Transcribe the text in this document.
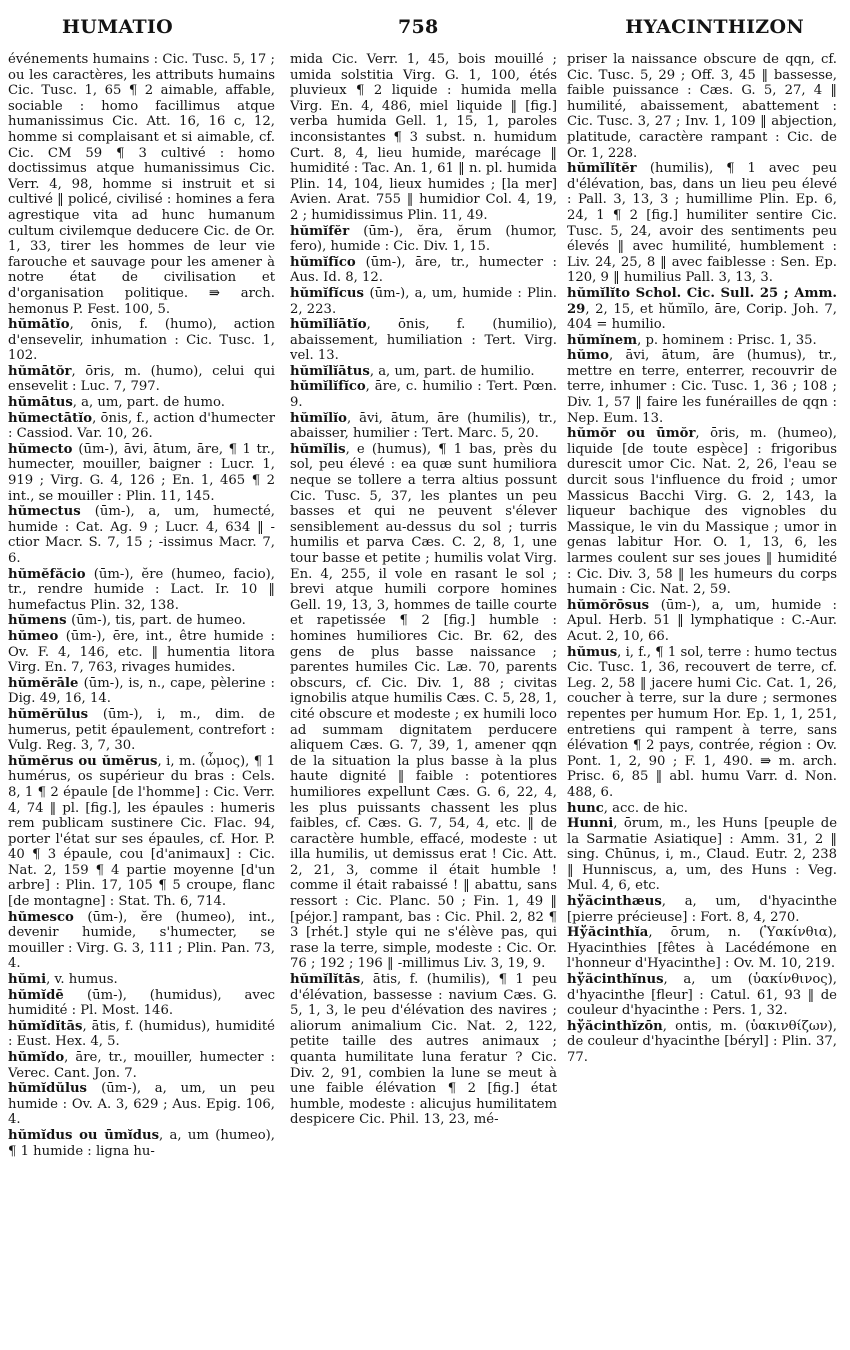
HUMATIO	758	HYACINTHIZON

événements humains : Cic. Tusc. 5, 17 ; ou les caractères, les attributs humains Cic. Tusc. 1, 65 ¶ 2 aimable, affable, sociable : homo facillimus atque humanissimus Cic. Att. 16, 16 c, 12, homme si complaisant et si aimable, cf. Cic. CM 59 ¶ 3 cultivé : homo doctissimus atque humanissimus Cic. Verr. 4, 98, homme si instruit et si cultivé ‖ policé, civilisé : homines a fera agrestique vita ad hunc humanum cultum civilemque deducere Cic. de Or. 1, 33, tirer les hommes de leur vie farouche et sauvage pour les amener à notre état de civilisation et d'organisation politique. ⇛ arch. hemonus P. Fest. 100, 5.

hŭmātĭo, ōnis, f. (humo), action d'ensevelir, inhumation : Cic. Tusc. 1, 102.

hŭmātŏr, ōris, m. (humo), celui qui ensevelit : Luc. 7, 797.

hŭmātus, a, um, part. de humo.

hŭmectātĭo, ōnis, f., action d'humecter : Cassiod. Var. 10, 26.

hŭmecto (ūm-), āvi, ātum, āre, ¶ 1 tr., humecter, mouiller, baigner : Lucr. 1, 919 ; Virg. G. 4, 126 ; En. 1, 465 ¶ 2 int., se mouiller : Plin. 11, 145.

hŭmectus (ūm-), a, um, humecté, humide : Cat. Ag. 9 ; Lucr. 4, 634 ‖ -ctior Macr. S. 7, 15 ; -issimus Macr. 7, 6.

hŭmĕfăcio (ūm-), ĕre (humeo, facio), tr., rendre humide : Lact. Ir. 10 ‖ humefactus Plin. 32, 138.

hŭmens (ūm-), tis, part. de humeo.

hŭmeo (ūm-), ēre, int., être humide : Ov. F. 4, 146, etc. ‖ humentia litora Virg. En. 7, 763, rivages humides.

hŭmĕrāle (ūm-), is, n., cape, pèlerine : Dig. 49, 16, 14.

hŭmĕrŭlus (ūm-), i, m., dim. de humerus, petit épaulement, contrefort : Vulg. Reg. 3, 7, 30.

hŭmĕrus ou ŭmĕrus, i, m. (ὦμος), ¶ 1 humérus, os supérieur du bras : Cels. 8, 1 ¶ 2 épaule [de l'homme] : Cic. Verr. 4, 74 ‖ pl. [fig.], les épaules : humeris rem publicam sustinere Cic. Flac. 94, porter l'état sur ses épaules, cf. Hor. P. 40 ¶ 3 épaule, cou [d'animaux] : Cic. Nat. 2, 159 ¶ 4 partie moyenne [d'un arbre] : Plin. 17, 105 ¶ 5 croupe, flanc [de montagne] : Stat. Th. 6, 714.

hŭmesco (ūm-), ĕre (humeo), int., devenir humide, s'humecter, se mouiller : Virg. G. 3, 111 ; Plin. Pan. 73, 4.

hŭmi, v. humus.

hŭmĭdē (ūm-), (humidus), avec humidité : Pl. Most. 146.

hŭmĭdĭtās, ātis, f. (humidus), humidité : Eust. Hex. 4, 5.

hŭmĭdo, āre, tr., mouiller, humecter : Verec. Cant. Jon. 7.

hŭmĭdŭlus (ūm-), a, um, un peu humide : Ov. A. 3, 629 ; Aus. Epig. 106, 4.

hŭmĭdus ou ūmĭdus, a, um (humeo), ¶ 1 humide : ligna hu-

mida Cic. Verr. 1, 45, bois mouillé ; umida solstitia Virg. G. 1, 100, étés pluvieux ¶ 2 liquide : humida mella Virg. En. 4, 486, miel liquide ‖ [fig.] verba humida Gell. 1, 15, 1, paroles inconsistantes ¶ 3 subst. n. humidum Curt. 8, 4, lieu humide, marécage ‖ humidité : Tac. An. 1, 61 ‖ n. pl. humida Plin. 14, 104, lieux humides ; [la mer] Avien. Arat. 755 ‖ humidior Col. 4, 19, 2 ; humidissimus Plin. 11, 49.

hŭmĭfĕr (ūm-), ĕra, ĕrum (humor, fero), humide : Cic. Div. 1, 15.

hŭmĭfĭco (ūm-), āre, tr., humecter : Aus. Id. 8, 12.

hŭmĭfĭcus (ūm-), a, um, humide : Plin. 2, 223.

hŭmĭlĭātĭo, ōnis, f. (humilio), abaissement, humiliation : Tert. Virg. vel. 13.

hŭmĭlĭātus, a, um, part. de humilio.

hŭmĭlĭfĭco, āre, c. humilio : Tert. Pœn. 9.

hŭmĭlĭo, āvi, ātum, āre (humilis), tr., abaisser, humilier : Tert. Marc. 5, 20.

hŭmĭlis, e (humus), ¶ 1 bas, près du sol, peu élevé : ea quæ sunt humiliora neque se tollere a terra altius possunt Cic. Tusc. 5, 37, les plantes un peu basses et qui ne peuvent s'élever sensiblement au-dessus du sol ; turris humilis et parva Cæs. C. 2, 8, 1, une tour basse et petite ; humilis volat Virg. En. 4, 255, il vole en rasant le sol ; brevi atque humili corpore homines Gell. 19, 13, 3, hommes de taille courte et rapetissée ¶ 2 [fig.] humble : homines humiliores Cic. Br. 62, des gens de plus basse naissance ; parentes humiles Cic. Læ. 70, parents obscurs, cf. Cic. Div. 1, 88 ; civitas ignobilis atque humilis Cæs. C. 5, 28, 1, cité obscure et modeste ; ex humili loco ad summam dignitatem perducere aliquem Cæs. G. 7, 39, 1, amener qqn de la situation la plus basse à la plus haute dignité ‖ faible : potentiores humiliores expellunt Cæs. G. 6, 22, 4, les plus puissants chassent les plus faibles, cf. Cæs. G. 7, 54, 4, etc. ‖ de caractère humble, effacé, modeste : ut illa humilis, ut demissus erat ! Cic. Att. 2, 21, 3, comme il était humble ! comme il était rabaissé ! ‖ abattu, sans ressort : Cic. Planc. 50 ; Fin. 1, 49 ‖ [péjor.] rampant, bas : Cic. Phil. 2, 82 ¶ 3 [rhét.] style qui ne s'élève pas, qui rase la terre, simple, modeste : Cic. Or. 76 ; 192 ; 196 ‖ -millimus Liv. 3, 19, 9.

hŭmĭlĭtās, ātis, f. (humilis), ¶ 1 peu d'élévation, bassesse : navium Cæs. G. 5, 1, 3, le peu d'élévation des navires ; aliorum animalium Cic. Nat. 2, 122, petite taille des autres animaux ; quanta humilitate luna feratur ? Cic. Div. 2, 91, combien la lune se meut à une faible élévation ¶ 2 [fig.] état humble, modeste : alicujus humilitatem despicere Cic. Phil. 13, 23, mé-

priser la naissance obscure de qqn, cf. Cic. Tusc. 5, 29 ; Off. 3, 45 ‖ bassesse, faible puissance : Cæs. G. 5, 27, 4 ‖ humilité, abaissement, abattement : Cic. Tusc. 3, 27 ; Inv. 1, 109 ‖ abjection, platitude, caractère rampant : Cic. de Or. 1, 228.

hŭmĭlĭtĕr (humilis), ¶ 1 avec peu d'élévation, bas, dans un lieu peu élevé : Pall. 3, 13, 3 ; humillime Plin. Ep. 6, 24, 1 ¶ 2 [fig.] humiliter sentire Cic. Tusc. 5, 24, avoir des sentiments peu élevés ‖ avec humilité, humblement : Liv. 24, 25, 8 ‖ avec faiblesse : Sen. Ep. 120, 9 ‖ humilius Pall. 3, 13, 3.

hŭmĭlĭto Schol. Cic. Sull. 25 ; Amm. 29, 2, 15, et hŭmĭlo, āre, Corip. Joh. 7, 404 = humilio.

hŭmĭnem, p. hominem : Prisc. 1, 35.

hŭmo, āvi, ātum, āre (humus), tr., mettre en terre, enterrer, recouvrir de terre, inhumer : Cic. Tusc. 1, 36 ; 108 ; Div. 1, 57 ‖ faire les funérailles de qqn : Nep. Eum. 13.

hŭmŏr ou ūmŏr, ōris, m. (humeo), liquide [de toute espèce] : frigoribus durescit umor Cic. Nat. 2, 26, l'eau se durcit sous l'influence du froid ; umor Massicus Bacchi Virg. G. 2, 143, la liqueur bachique des vignobles du Massique, le vin du Massique ; umor in genas labitur Hor. O. 1, 13, 6, les larmes coulent sur ses joues ‖ humidité : Cic. Div. 3, 58 ‖ les humeurs du corps humain : Cic. Nat. 2, 59.

hŭmŏrōsus (ūm-), a, um, humide : Apul. Herb. 51 ‖ lymphatique : C.-Aur. Acut. 2, 10, 66.

hŭmus, i, f., ¶ 1 sol, terre : humo tectus Cic. Tusc. 1, 36, recouvert de terre, cf. Leg. 2, 58 ‖ jacere humi Cic. Cat. 1, 26, coucher à terre, sur la dure ; sermones repentes per humum Hor. Ep. 1, 1, 251, entretiens qui rampent à terre, sans élévation ¶ 2 pays, contrée, région : Ov. Pont. 1, 2, 90 ; F. 1, 490. ⇛ m. arch. Prisc. 6, 85 ‖ abl. humu Varr. d. Non. 488, 6.

hunc, acc. de hic.

Hunni, ōrum, m., les Huns [peuple de la Sarmatie Asiatique] : Amm. 31, 2 ‖ sing. Chūnus, i, m., Claud. Eutr. 2, 238 ‖ Hunniscus, a, um, des Huns : Veg. Mul. 4, 6, etc.

hўăcinthæus, a, um, d'hyacinthe [pierre précieuse] : Fort. 8, 4, 270.

Hўăcinthĭa, ōrum, n. (Ὑακίνθια), Hyacinthies [fêtes à Lacédémone en l'honneur d'Hyacinthe] : Ov. M. 10, 219.

hўăcinthĭnus, a, um (ὑακίνθινος), d'hyacinthe [fleur] : Catul. 61, 93 ‖ de couleur d'hyacinthe : Pers. 1, 32.

hўăcinthĭzōn, ontis, m. (ὑακινθίζων), de couleur d'hyacinthe [béryl] : Plin. 37, 77.
